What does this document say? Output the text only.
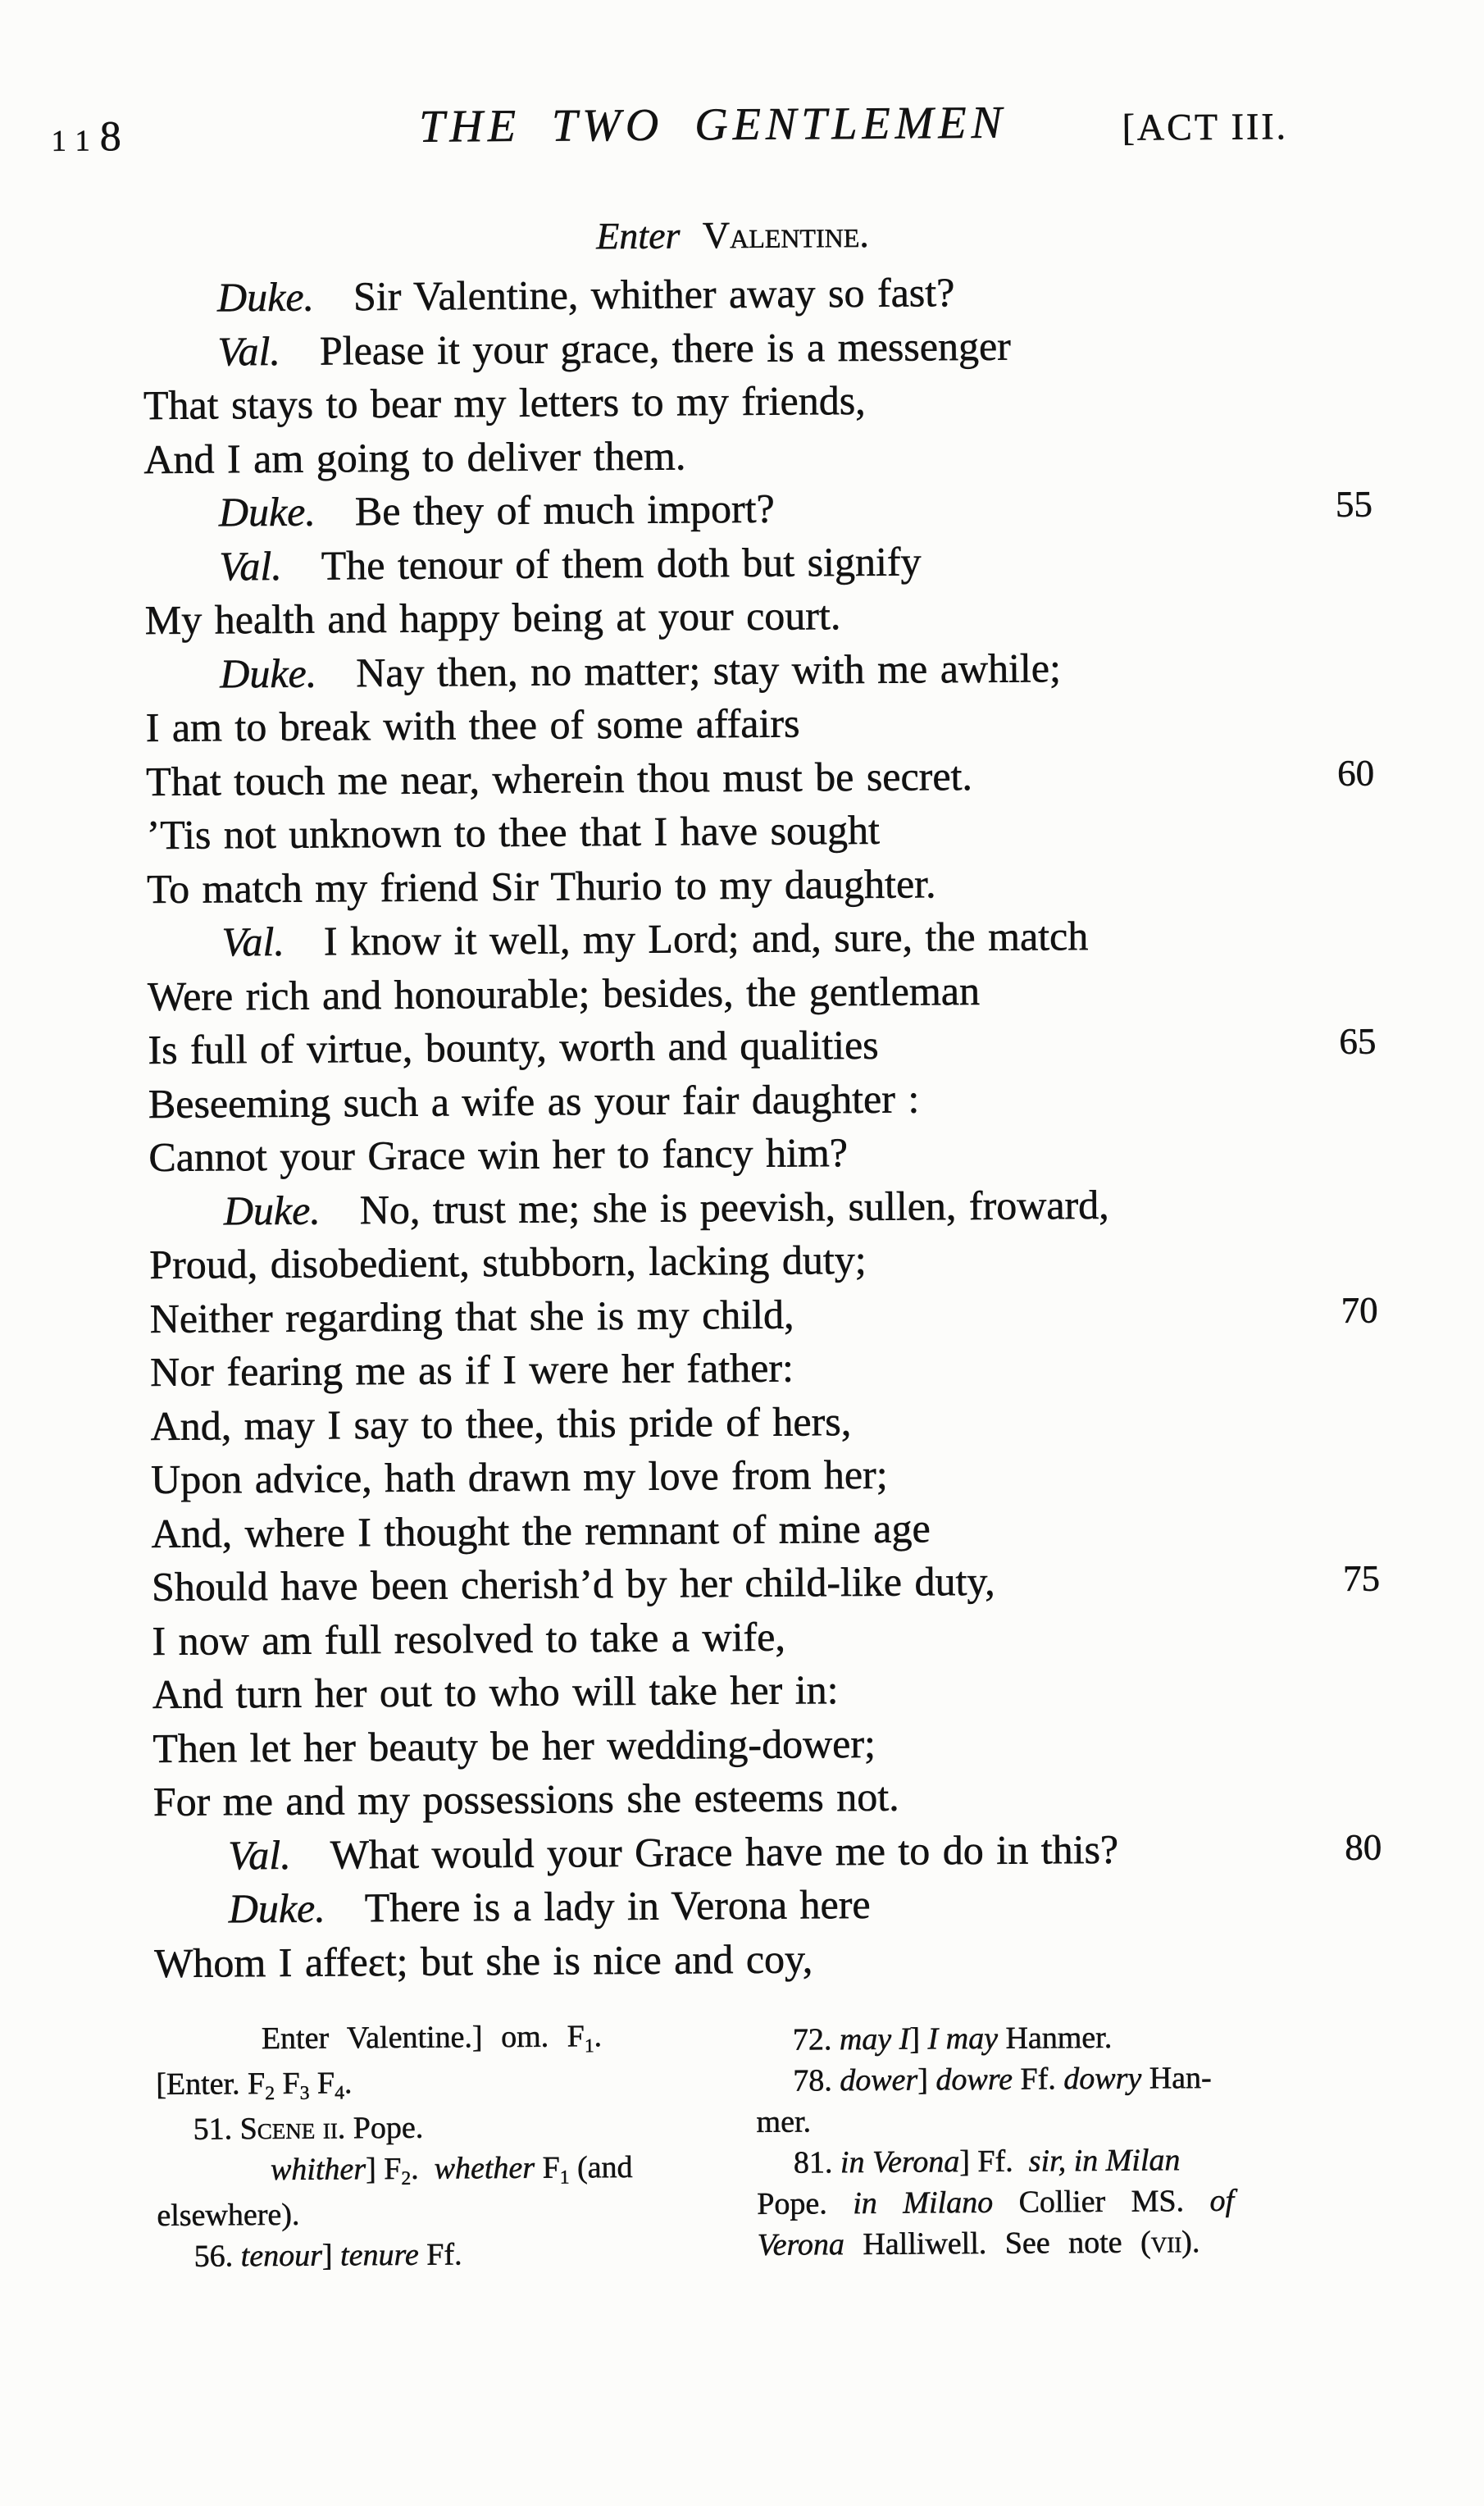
118	THE TWO GENTLEMEN	[ACT III.
Enter Valentine.
Duke. Sir Valentine, whither away so fast?
Val. Please it your grace, there is a messenger
That stays to bear my letters to my friends,
And I am going to deliver them.
Duke. Be they of much import?	55
Val. The tenour of them doth but signify
My health and happy being at your court.
Duke. Nay then, no matter; stay with me awhile;
I am to break with thee of some affairs
That touch me near, wherein thou must be secret.	60
’Tis not unknown to thee that I have sought
To match my friend Sir Thurio to my daughter.
Val. I know it well, my Lord; and, sure, the match
Were rich and honourable; besides, the gentleman
Is full of virtue, bounty, worth and qualities	65
Beseeming such a wife as your fair daughter :
Cannot your Grace win her to fancy him?
Duke. No, trust me; she is peevish, sullen, froward,
Proud, disobedient, stubborn, lacking duty;
Neither regarding that she is my child,	70
Nor fearing me as if I were her father:
And, may I say to thee, this pride of hers,
Upon advice, hath drawn my love from her;
And, where I thought the remnant of mine age
Should have been cherish’d by her child-like duty,	75
I now am full resolved to take a wife,
And turn her out to who will take her in:
Then let her beauty be her wedding-dower;
For me and my possessions she esteems not.
Val. What would your Grace have me to do in this?	80
Duke. There is a lady in Verona here
Whom I affeɛt; but she is nice and coy,
Enter Valentine.] om. F1.
[Enter. F2 F3 F4.
51. Scene ii. Pope.
whither] F2.  whether F1 (and
elsewhere).
56. tenour] tenure Ff.
72. may I] I may Hanmer.
78. dower] dowre Ff. dowry Han-
mer.
81. in Verona] Ff.  sir, in Milan
Pope. in Milano Collier MS. of
Verona Halliwell. See note (vii).
